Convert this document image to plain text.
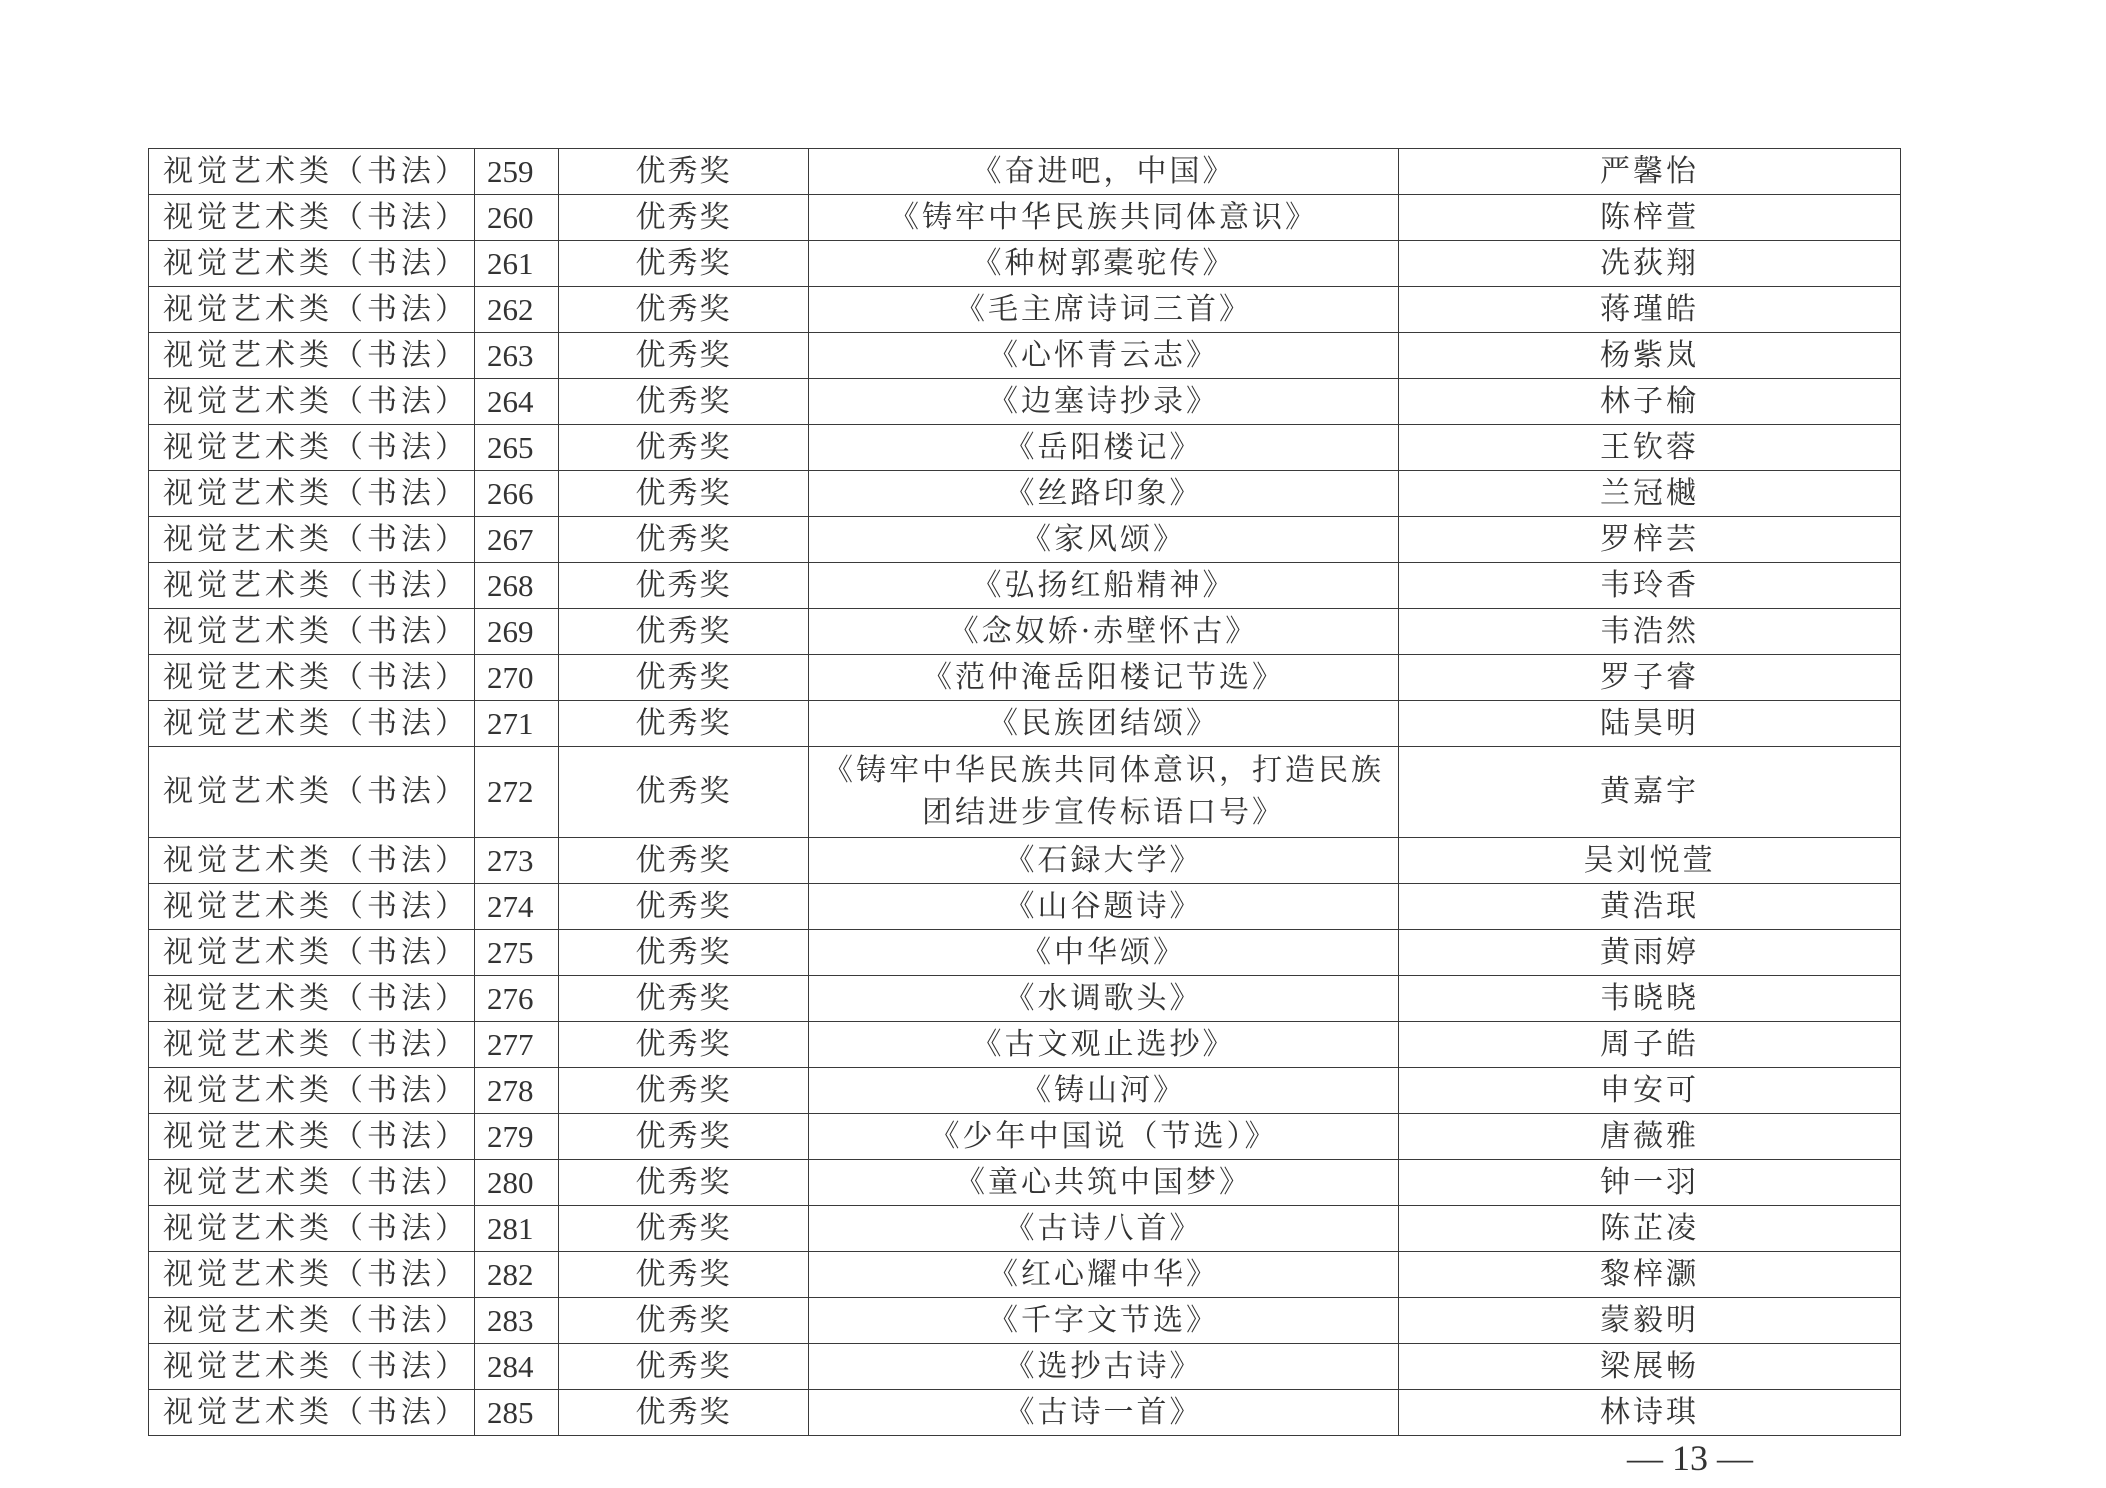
视觉艺术类（书法）	259	优秀奖	《奋进吧，中国》	严馨怡
视觉艺术类（书法）	260	优秀奖	《铸牢中华民族共同体意识》	陈梓萱
视觉艺术类（书法）	261	优秀奖	《种树郭橐驼传》	冼荻翔
视觉艺术类（书法）	262	优秀奖	《毛主席诗词三首》	蒋瑾皓
视觉艺术类（书法）	263	优秀奖	《心怀青云志》	杨紫岚
视觉艺术类（书法）	264	优秀奖	《边塞诗抄录》	林子榆
视觉艺术类（书法）	265	优秀奖	《岳阳楼记》	王钦蓉
视觉艺术类（书法）	266	优秀奖	《丝路印象》	兰冠樾
视觉艺术类（书法）	267	优秀奖	《家风颂》	罗梓芸
视觉艺术类（书法）	268	优秀奖	《弘扬红船精神》	韦玲香
视觉艺术类（书法）	269	优秀奖	《念奴娇·赤壁怀古》	韦浩然
视觉艺术类（书法）	270	优秀奖	《范仲淹岳阳楼记节选》	罗子睿
视觉艺术类（书法）	271	优秀奖	《民族团结颂》	陆昊明
视觉艺术类（书法）	272	优秀奖	《铸牢中华民族共同体意识，打造民族团结进步宣传标语口号》	黄嘉宇
视觉艺术类（书法）	273	优秀奖	《石録大学》	吴刘悦萱
视觉艺术类（书法）	274	优秀奖	《山谷题诗》	黄浩珉
视觉艺术类（书法）	275	优秀奖	《中华颂》	黄雨婷
视觉艺术类（书法）	276	优秀奖	《水调歌头》	韦晓晓
视觉艺术类（书法）	277	优秀奖	《古文观止选抄》	周子皓
视觉艺术类（书法）	278	优秀奖	《铸山河》	申安可
视觉艺术类（书法）	279	优秀奖	《少年中国说（节选）》	唐薇雅
视觉艺术类（书法）	280	优秀奖	《童心共筑中国梦》	钟一羽
视觉艺术类（书法）	281	优秀奖	《古诗八首》	陈芷凌
视觉艺术类（书法）	282	优秀奖	《红心耀中华》	黎梓灏
视觉艺术类（书法）	283	优秀奖	《千字文节选》	蒙毅明
视觉艺术类（书法）	284	优秀奖	《选抄古诗》	梁展畅
视觉艺术类（书法）	285	优秀奖	《古诗一首》	林诗琪
— 13 —
